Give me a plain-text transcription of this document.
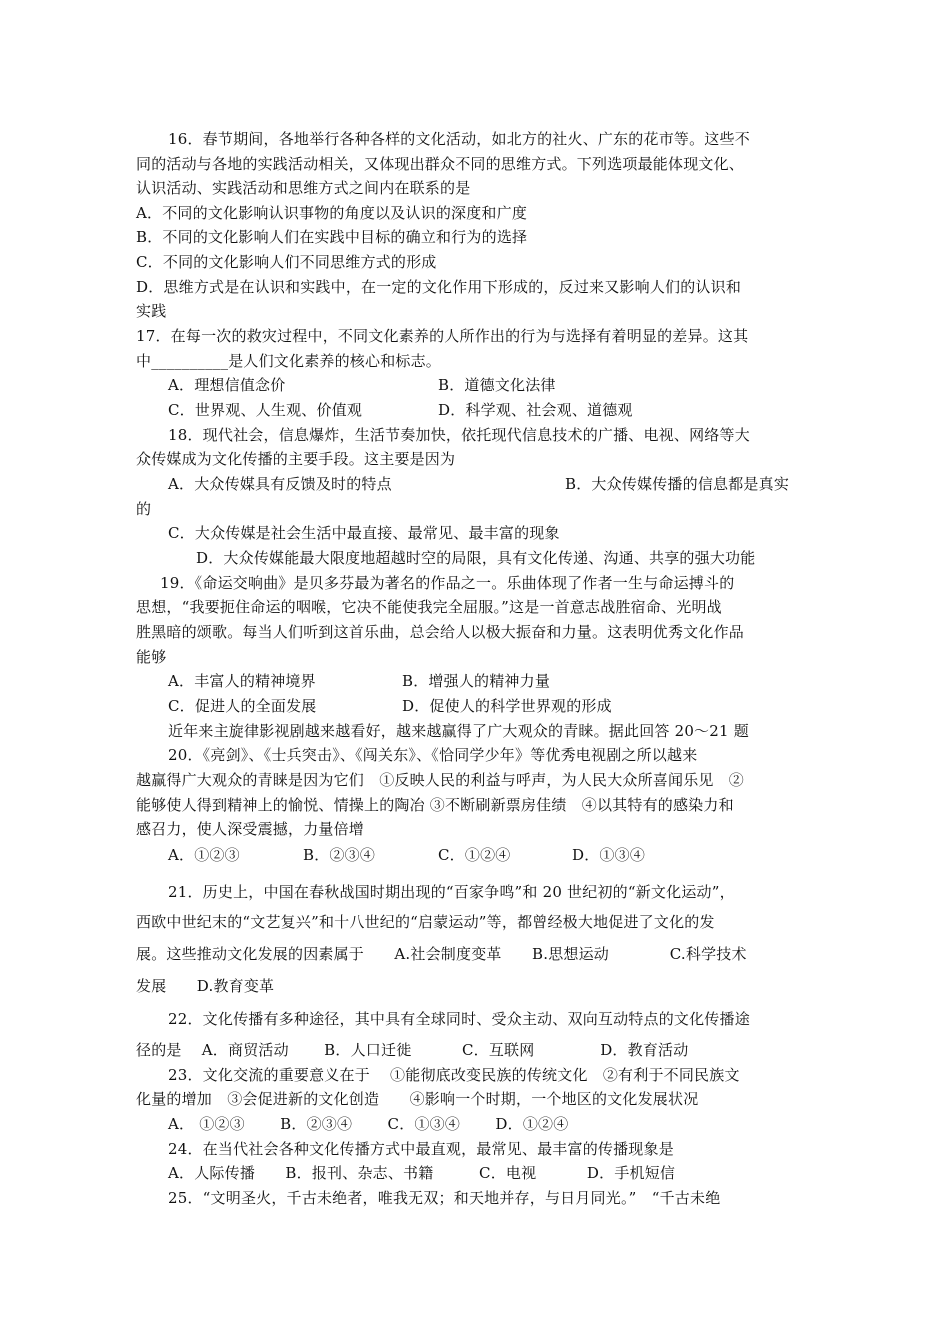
16．春节期间，各地举行各种各样的文化活动，如北方的社火、广东的花市等。这些不
同的活动与各地的实践活动相关，又体现出群众不同的思维方式。下列选项最能体现文化、
认识活动、实践活动和思维方式之间内在联系的是
A．不同的文化影响认识事物的角度以及认识的深度和广度
B．不同的文化影响人们在实践中目标的确立和行为的选择
C．不同的文化影响人们不同思维方式的形成
D．思维方式是在认识和实践中，在一定的文化作用下形成的，反过来又影响人们的认识和
实践
17．在每一次的救灾过程中，不同文化素养的人所作出的行为与选择有着明显的差异。这其
中__________是人们文化素养的核心和标志。
A．理想信值念价	B．道德文化法律
C．世界观、人生观、价值观	D．科学观、社会观、道德观
18．现代社会，信息爆炸，生活节奏加快，依托现代信息技术的广播、电视、网络等大
众传媒成为文化传播的主要手段。这主要是因为
A．大众传媒具有反馈及时的特点	B．大众传媒传播的信息都是真实
的
C．大众传媒是社会生活中最直接、最常见、最丰富的现象
D．大众传媒能最大限度地超越时空的局限，具有文化传递、沟通、共享的强大功能
19．《命运交响曲》是贝多芬最为著名的作品之一。乐曲体现了作者一生与命运搏斗的
思想，“我要扼住命运的咽喉，它决不能使我完全屈服。”这是一首意志战胜宿命、光明战
胜黑暗的颂歌。每当人们听到这首乐曲，总会给人以极大振奋和力量。这表明优秀文化作品
能够
A．丰富人的精神境界	B．增强人的精神力量
C．促进人的全面发展	D．促使人的科学世界观的形成
近年来主旋律影视剧越来越看好，越来越赢得了广大观众的青睐。据此回答 20～21 题
20．《亮剑》、《士兵突击》、《闯关东》、《恰同学少年》等优秀电视剧之所以越来
越赢得广大观众的青睐是因为它们　①反映人民的利益与呼声，为人民大众所喜闻乐见　②
能够使人得到精神上的愉悦、情操上的陶冶 ③不断刷新票房佳绩　④以其特有的感染力和
感召力，使人深受震撼，力量倍增
A．①②③	B．②③④	C．①②④	D．①③④
21．历史上，中国在春秋战国时期出现的“百家争鸣”和 20 世纪初的“新文化运动”，
西欧中世纪末的“文艺复兴”和十八世纪的“启蒙运动”等，都曾经极大地促进了文化的发
展。这些推动文化发展的因素属于　　A.社会制度变革　　B.思想运动　　　　C.科学技术
发展　　D.教育变革
22．文化传播有多种途径，其中具有全球同时、受众主动、双向互动特点的文化传播途
径的是　 A．商贸活动　　 B．人口迁徙　　　 C．互联网　　　　 D．教育活动
23．文化交流的重要意义在于　 ①能彻底改变民族的传统文化　②有利于不同民族文
化量的增加　③会促进新的文化创造　　④影响一个时期，一个地区的文化发展状况
A． ①②③　　 B．②③④　　 C．①③④　　 D．①②④
24．在当代社会各种文化传播方式中最直观，最常见、最丰富的传播现象是
A．人际传播　　B．报刊、杂志、书籍　　　C．电视　　　 D．手机短信
25．“文明圣火，千古未绝者，唯我无双；和天地并存，与日月同光。”　“千古未绝
